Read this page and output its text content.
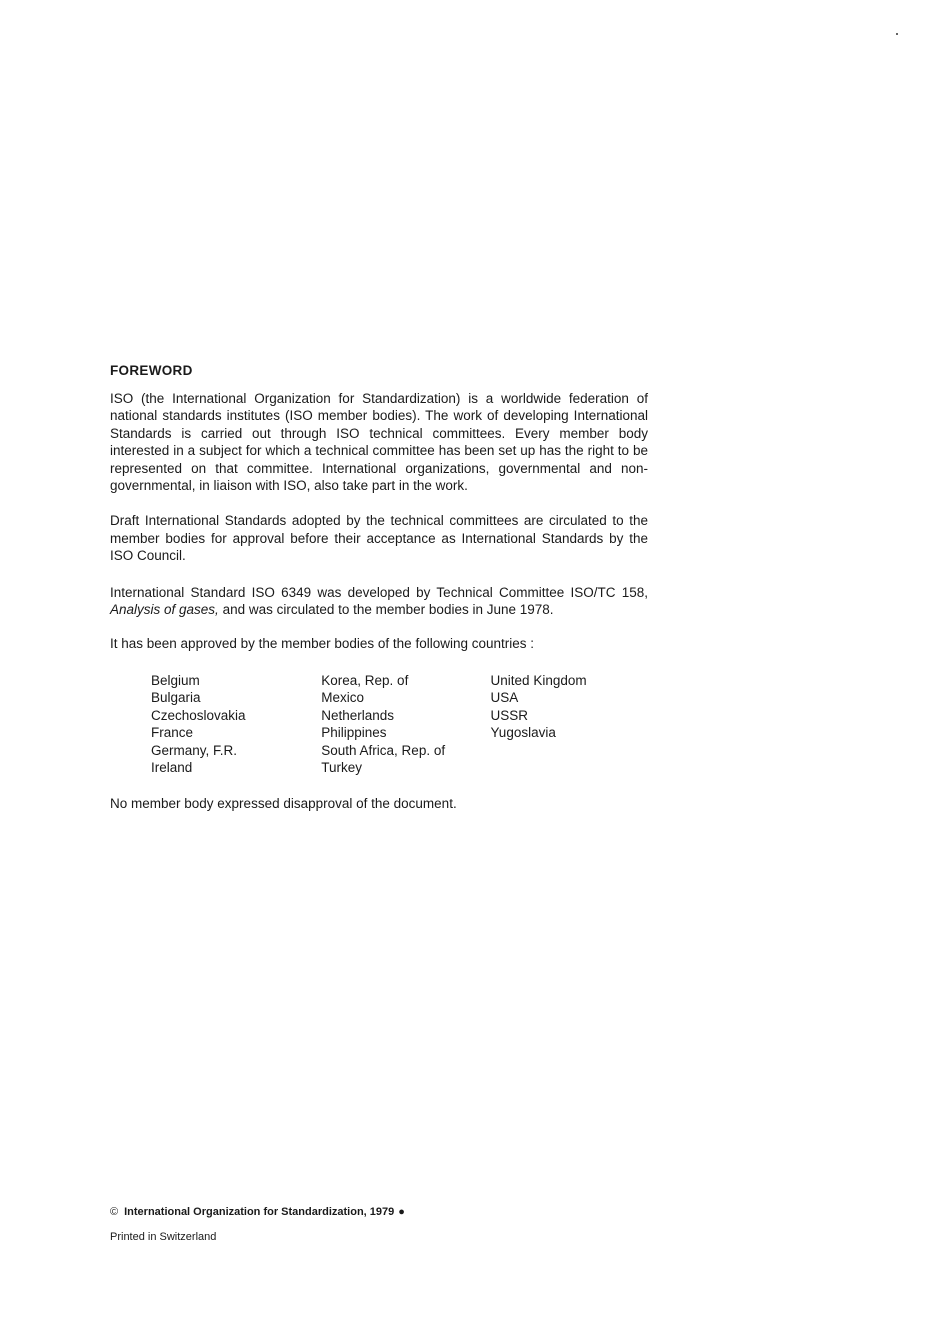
FOREWORD

ISO (the International Organization for Standardization) is a worldwide federation of national standards institutes (ISO member bodies). The work of developing International Standards is carried out through ISO technical committees. Every member body interested in a subject for which a technical committee has been set up has the right to be represented on that committee. International organizations, governmental and non-governmental, in liaison with ISO, also take part in the work.

Draft International Standards adopted by the technical committees are circulated to the member bodies for approval before their acceptance as International Standards by the ISO Council.

International Standard ISO 6349 was developed by Technical Committee ISO/TC 158, Analysis of gases, and was circulated to the member bodies in June 1978.

It has been approved by the member bodies of the following countries :

Belgium
Bulgaria
Czechoslovakia
France
Germany, F.R.
Ireland
Korea, Rep. of
Mexico
Netherlands
Philippines
South Africa, Rep. of
Turkey
United Kingdom
USA
USSR
Yugoslavia

No member body expressed disapproval of the document.

© International Organization for Standardization, 1979 ●
Printed in Switzerland
